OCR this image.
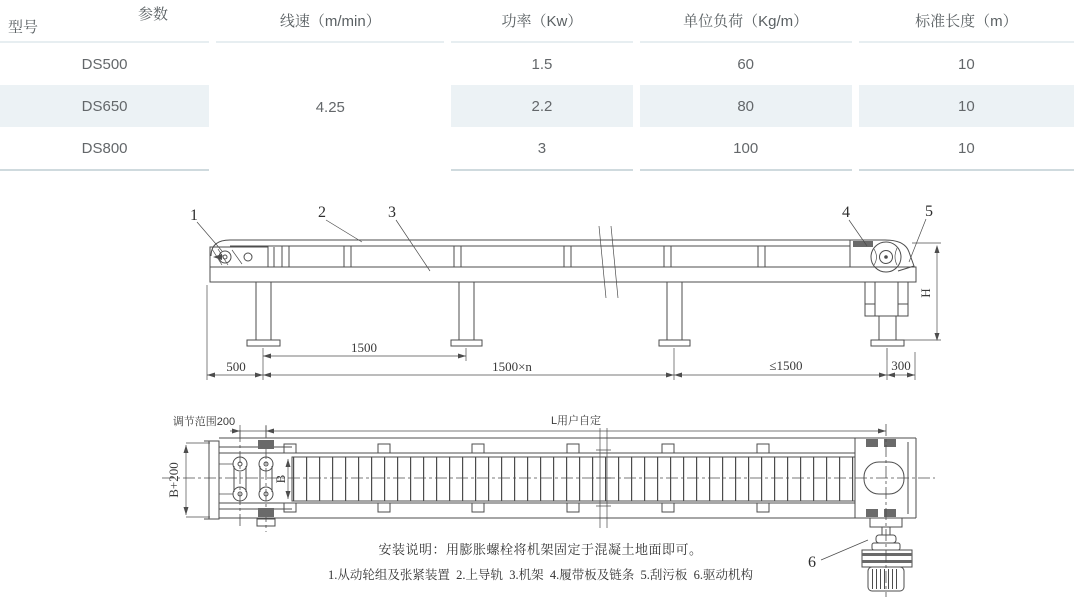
参数
型号	线速（m/min）	功率（Kw）	单位负荷（Kg/m）	标准长度（m）
DS500	4.25	1.5	60	10
DS650		2.2	80	10
DS800		3	100	10
1	2	3	4	5
1500
500	1500×n	≤1500	300
H
调节范围200	L用户自定
B+200	B
6
安装说明：用膨胀螺栓将机架固定于混凝土地面即可。
1.从动轮组及张紧装置  2.上导轨  3.机架  4.履带板及链条  5.刮污板  6.驱动机构
